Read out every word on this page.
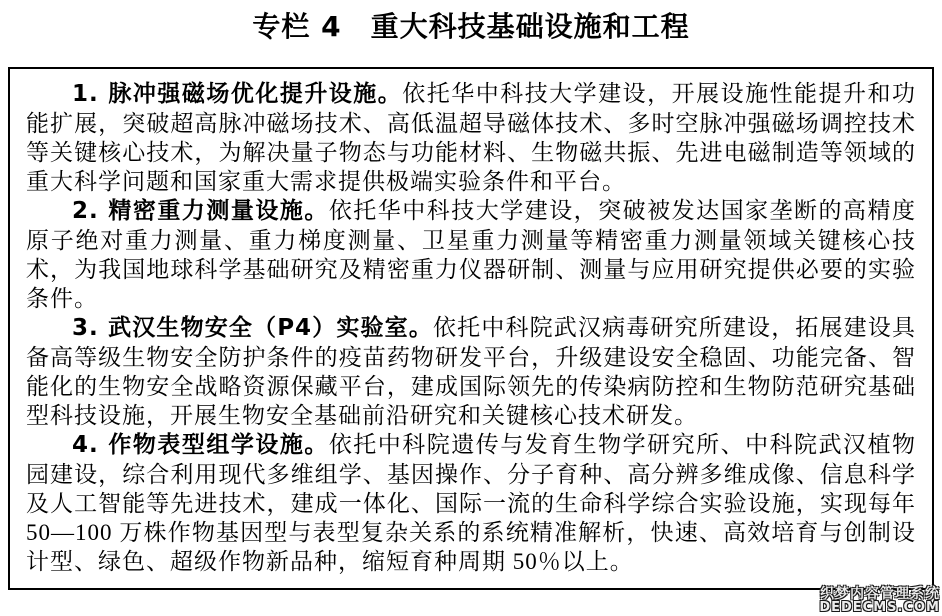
专栏 4　重大科技基础设施和工程

1. 脉冲强磁场优化提升设施。依托华中科技大学建设，开展设施性能提升和功能扩展，突破超高脉冲磁场技术、高低温超导磁体技术、多时空脉冲强磁场调控技术等关键核心技术，为解决量子物态与功能材料、生物磁共振、先进电磁制造等领域的重大科学问题和国家重大需求提供极端实验条件和平台。

2. 精密重力测量设施。依托华中科技大学建设，突破被发达国家垄断的高精度原子绝对重力测量、重力梯度测量、卫星重力测量等精密重力测量领域关键核心技术，为我国地球科学基础研究及精密重力仪器研制、测量与应用研究提供必要的实验条件。

3. 武汉生物安全（P4）实验室。依托中科院武汉病毒研究所建设，拓展建设具备高等级生物安全防护条件的疫苗药物研发平台，升级建设安全稳固、功能完备、智能化的生物安全战略资源保藏平台，建成国际领先的传染病防控和生物防范研究基础型科技设施，开展生物安全基础前沿研究和关键核心技术研发。

4. 作物表型组学设施。依托中科院遗传与发育生物学研究所、中科院武汉植物园建设，综合利用现代多维组学、基因操作、分子育种、高分辨多维成像、信息科学及人工智能等先进技术，建成一体化、国际一流的生命科学综合实验设施，实现每年 50—100 万株作物基因型与表型复杂关系的系统精准解析，快速、高效培育与创制设计型、绿色、超级作物新品种，缩短育种周期 50％以上。

织梦内容管理系统
DEDECMS.COM
